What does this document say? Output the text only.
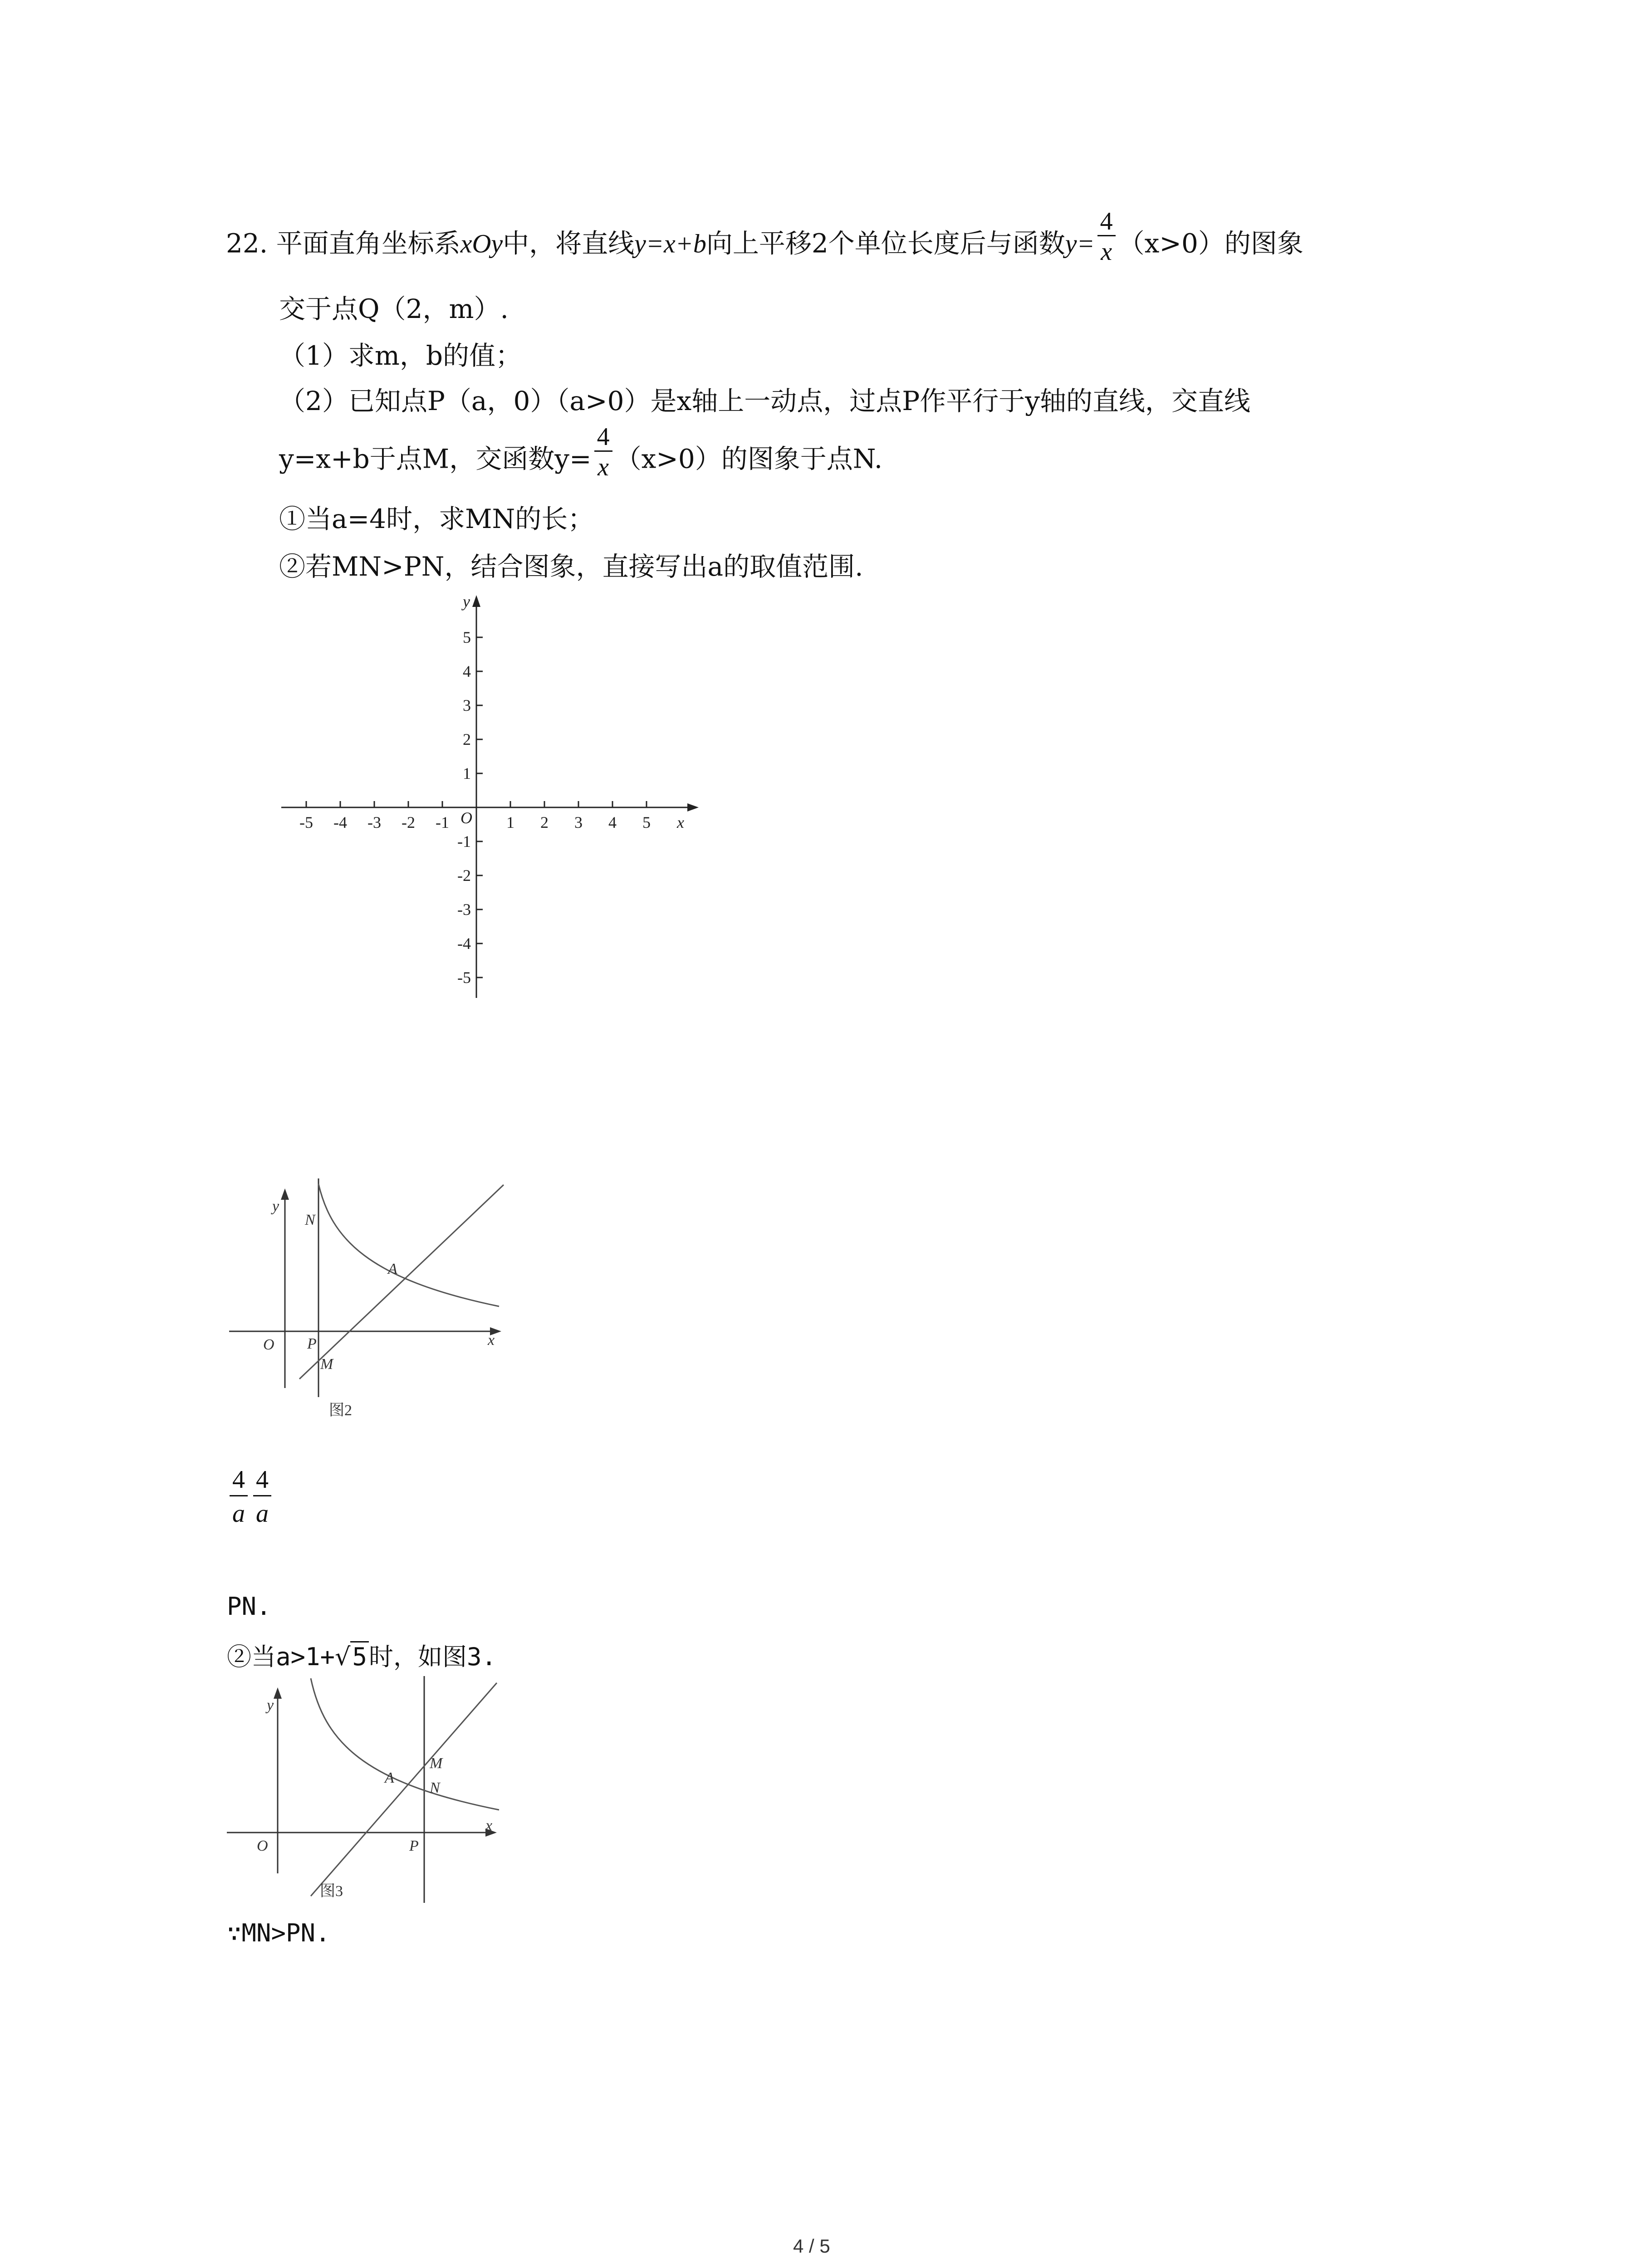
22. 平面直角坐标系xOy中，将直线y=x+b向上平移2个单位长度后与函数$y= \frac{4}{x} (x>0)$的图象
交于点Q（2，m）.
（1）求m，b的值；
（2）已知点P（a，0）（a>0）是x轴上一动点，过点P作平行于y轴的直线，交直线
y=x+b于点M，交函数$y= \frac{4}{x} (x>0)$的图象于点N.
①当a=4时，求MN的长；
②若MN>PN，结合图象，直接写出a的取值范围.
-5 -4 -3 -2 -1 O 1 2 3 4 5 x
y
5
4
3
2
1
-1
-2
-3
-4
-5
y
x
O
N
A
P
M
图2
$\frac{4}{a} \frac{4}{a}$
PN.
②当a>1+√5时，如图3.
y
x
O
A
M
N
P
图3
∵MN>PN.
4 / 5
